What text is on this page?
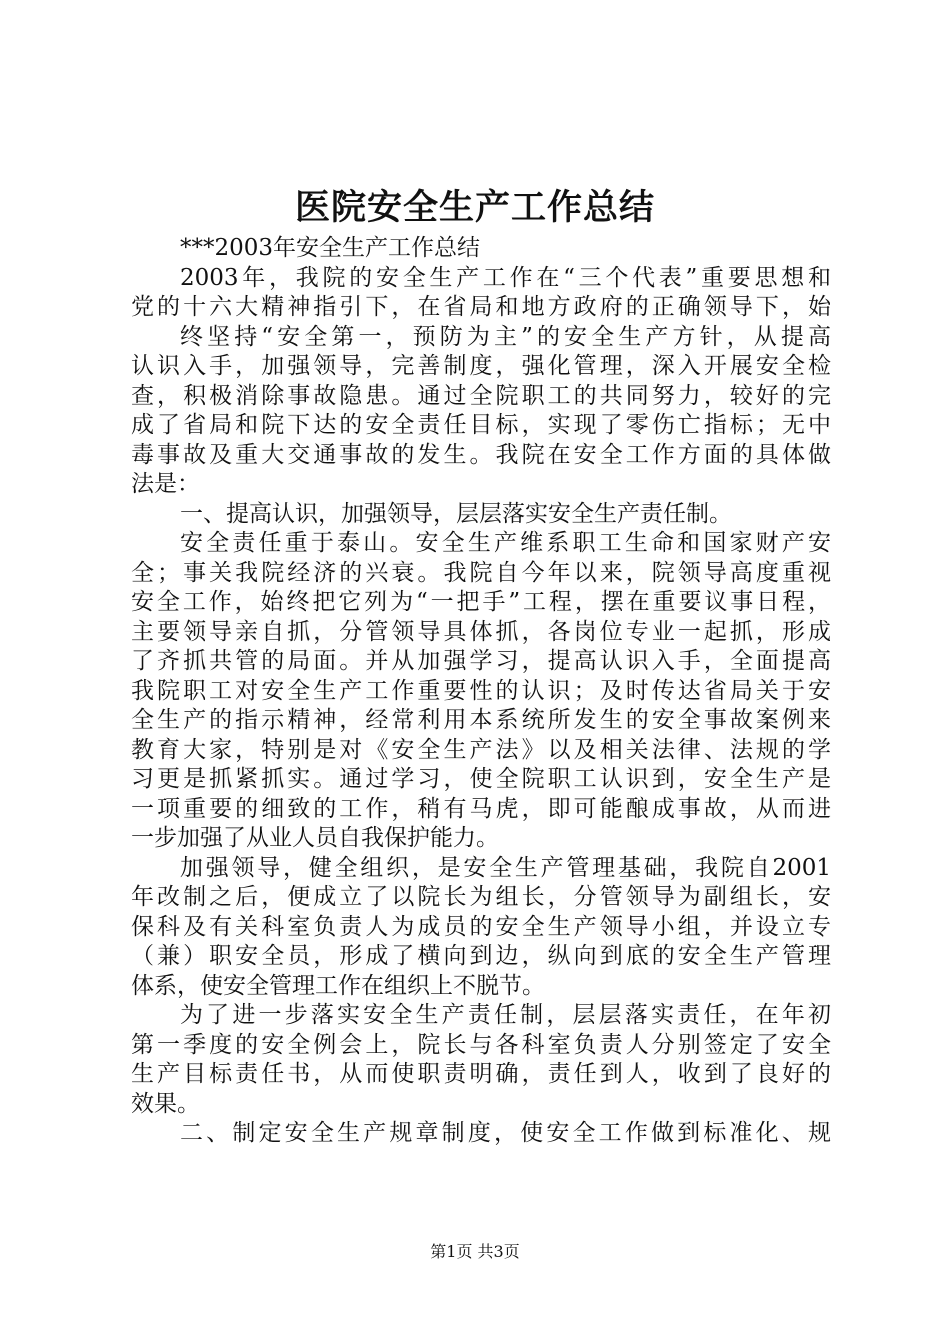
医院安全生产工作总结
***2003年安全生产工作总结
2003年，我院的安全生产工作在“三个代表”重要思想和
党的十六大精神指引下，在省局和地方政府的正确领导下，始
终坚持“安全第一，预防为主”的安全生产方针，从提高
认识入手，加强领导，完善制度，强化管理，深入开展安全检
查，积极消除事故隐患。通过全院职工的共同努力，较好的完
成了省局和院下达的安全责任目标，实现了零伤亡指标；无中
毒事故及重大交通事故的发生。我院在安全工作方面的具体做
法是：
一、提高认识，加强领导，层层落实安全生产责任制。
安全责任重于泰山。安全生产维系职工生命和国家财产安
全；事关我院经济的兴衰。我院自今年以来，院领导高度重视
安全工作，始终把它列为“一把手”工程，摆在重要议事日程，
主要领导亲自抓，分管领导具体抓，各岗位专业一起抓，形成
了齐抓共管的局面。并从加强学习，提高认识入手，全面提高
我院职工对安全生产工作重要性的认识；及时传达省局关于安
全生产的指示精神，经常利用本系统所发生的安全事故案例来
教育大家，特别是对《安全生产法》以及相关法律、法规的学
习更是抓紧抓实。通过学习，使全院职工认识到，安全生产是
一项重要的细致的工作，稍有马虎，即可能酿成事故，从而进
一步加强了从业人员自我保护能力。
加强领导，健全组织，是安全生产管理基础，我院自2001
年改制之后，便成立了以院长为组长，分管领导为副组长，安
保科及有关科室负责人为成员的安全生产领导小组，并设立专
（兼）职安全员，形成了横向到边，纵向到底的安全生产管理
体系，使安全管理工作在组织上不脱节。
为了进一步落实安全生产责任制，层层落实责任，在年初
第一季度的安全例会上，院长与各科室负责人分别签定了安全
生产目标责任书，从而使职责明确，责任到人，收到了良好的
效果。
二、制定安全生产规章制度，使安全工作做到标准化、规
第1页 共3页
